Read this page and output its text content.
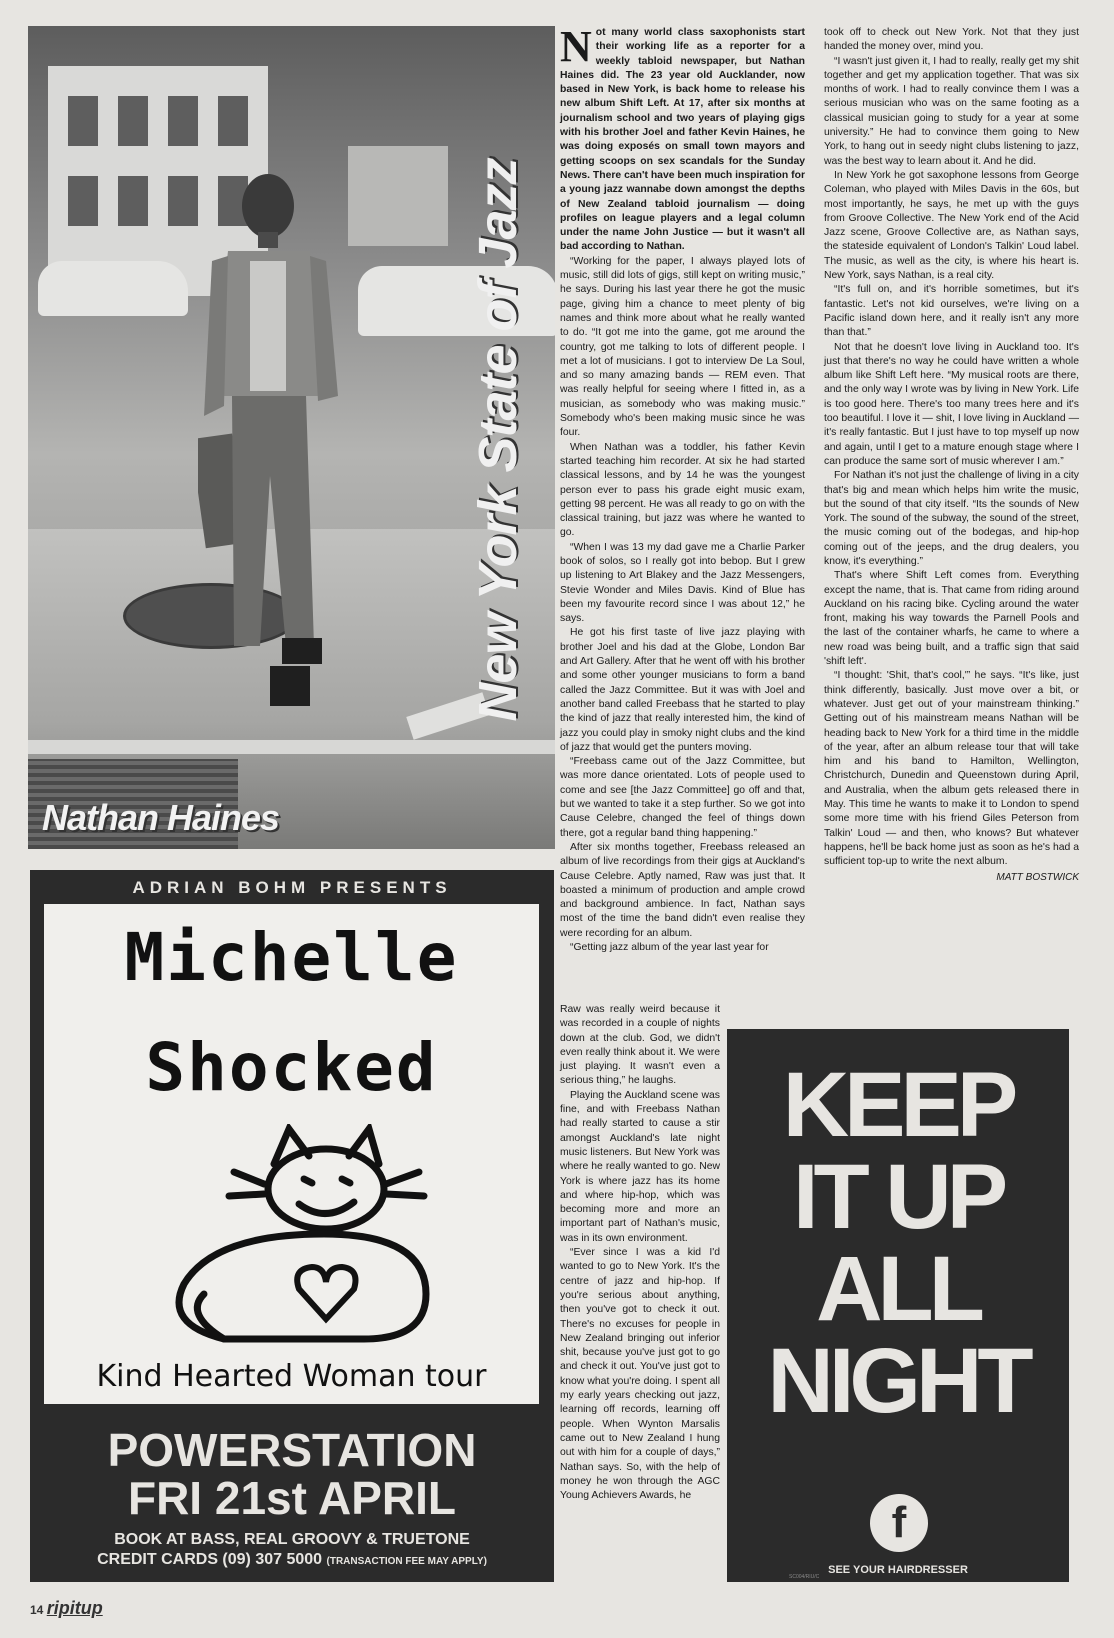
New York State of Jazz
Nathan Haines

Not many world class saxophonists start their working life as a reporter for a weekly tabloid newspaper, but Nathan Haines did. The 23 year old Aucklander, now based in New York, is back home to release his new album Shift Left. At 17, after six months at journalism school and two years of playing gigs with his brother Joel and father Kevin Haines, he was doing exposés on small town mayors and getting scoops on sex scandals for the Sunday News. There can't have been much inspiration for a young jazz wannabe down amongst the depths of New Zealand tabloid journalism — doing profiles on league players and a legal column under the name John Justice — but it wasn't all bad according to Nathan.

“Working for the paper, I always played lots of music, still did lots of gigs, still kept on writing music,” he says. During his last year there he got the music page, giving him a chance to meet plenty of big names and think more about what he really wanted to do. “It got me into the game, got me around the country, got me talking to lots of different people. I met a lot of musicians. I got to interview De La Soul, and so many amazing bands — REM even. That was really helpful for seeing where I fitted in, as a musician, as somebody who was making music.” Somebody who's been making music since he was four.

When Nathan was a toddler, his father Kevin started teaching him recorder. At six he had started classical lessons, and by 14 he was the youngest person ever to pass his grade eight music exam, getting 98 percent. He was all ready to go on with the classical training, but jazz was where he wanted to go.

“When I was 13 my dad gave me a Charlie Parker book of solos, so I really got into bebop. But I grew up listening to Art Blakey and the Jazz Messengers, Stevie Wonder and Miles Davis. Kind of Blue has been my favourite record since I was about 12,” he says.

He got his first taste of live jazz playing with brother Joel and his dad at the Globe, London Bar and Art Gallery. After that he went off with his brother and some other younger musicians to form a band called the Jazz Committee. But it was with Joel and another band called Freebass that he started to play the kind of jazz that really interested him, the kind of jazz you could play in smoky night clubs and the kind of jazz that would get the punters moving.

“Freebass came out of the Jazz Committee, but was more dance orientated. Lots of people used to come and see [the Jazz Committee] go off and that, but we wanted to take it a step further. So we got into Cause Celebre, changed the feel of things down there, got a regular band thing happening.”

After six months together, Freebass released an album of live recordings from their gigs at Auckland's Cause Celebre. Aptly named, Raw was just that. It boasted a minimum of production and ample crowd and background ambience. In fact, Nathan says most of the time the band didn't even realise they were recording for an album.

“Getting jazz album of the year last year for

took off to check out New York. Not that they just handed the money over, mind you.

“I wasn't just given it, I had to really, really get my shit together and get my application together. That was six months of work. I had to really convince them I was a serious musician who was on the same footing as a classical musician going to study for a year at some university.” He had to convince them going to New York, to hang out in seedy night clubs listening to jazz, was the best way to learn about it. And he did.

In New York he got saxophone lessons from George Coleman, who played with Miles Davis in the 60s, but most importantly, he says, he met up with the guys from Groove Collective. The New York end of the Acid Jazz scene, Groove Collective are, as Nathan says, the stateside equivalent of London's Talkin' Loud label. The music, as well as the city, is where his heart is. New York, says Nathan, is a real city.

“It's full on, and it's horrible sometimes, but it's fantastic. Let's not kid ourselves, we're living on a Pacific island down here, and it really isn't any more than that.”

Not that he doesn't love living in Auckland too. It's just that there's no way he could have written a whole album like Shift Left here. “My musical roots are there, and the only way I wrote was by living in New York. Life is too good here. There's too many trees here and it's too beautiful. I love it — shit, I love living in Auckland — it's really fantastic. But I just have to top myself up now and again, until I get to a mature enough stage where I can produce the same sort of music wherever I am.”

For Nathan it's not just the challenge of living in a city that's big and mean which helps him write the music, but the sound of that city itself. “Its the sounds of New York. The sound of the subway, the sound of the street, the music coming out of the bodegas, and hip-hop coming out of the jeeps, and the drug dealers, you know, it's everything.”

That's where Shift Left comes from. Everything except the name, that is. That came from riding around Auckland on his racing bike. Cycling around the water front, making his way towards the Parnell Pools and the last of the container wharfs, he came to where a new road was being built, and a traffic sign that said 'shift left'.

“I thought: 'Shit, that's cool,'” he says. “It's like, just think differently, basically. Just move over a bit, or whatever. Just get out of your mainstream thinking.” Getting out of his mainstream means Nathan will be heading back to New York for a third time in the middle of the year, after an album release tour that will take him and his band to Hamilton, Wellington, Christchurch, Dunedin and Queenstown during April, and Australia, when the album gets released there in May. This time he wants to make it to London to spend some more time with his friend Giles Peterson from Talkin' Loud — and then, who knows? But whatever happens, he'll be back home just as soon as he's had a sufficient top-up to write the next album.

MATT BOSTWICK

Raw was really weird because it was recorded in a couple of nights down at the club. God, we didn't even really think about it. We were just playing. It wasn't even a serious thing,” he laughs.

Playing the Auckland scene was fine, and with Freebass Nathan had really started to cause a stir amongst Auckland's late night music listeners. But New York was where he really wanted to go. New York is where jazz has its home and where hip-hop, which was becoming more and more an important part of Nathan's music, was in its own environment.

“Ever since I was a kid I'd wanted to go to New York. It's the centre of jazz and hip-hop. If you're serious about anything, then you've got to check it out. There's no excuses for people in New Zealand bringing out inferior shit, because you've just got to go and check it out. You've just got to know what you're doing. I spent all my early years checking out jazz, learning off records, learning off people. When Wynton Marsalis came out to New Zealand I hung out with him for a couple of days,” Nathan says. So, with the help of money he won through the AGC Young Achievers Awards, he

ADRIAN BOHM PRESENTS
Michelle
Shocked
Kind Hearted Woman tour
POWERSTATION
FRI 21st APRIL
BOOK AT BASS, REAL GROOVY & TRUETONE
CREDIT CARDS (09) 307 5000 (TRANSACTION FEE MAY APPLY)
KEEP
IT UP
ALL
NIGHT
f
SEE YOUR HAIRDRESSER
SC004/RIU/C
14 ripitup
